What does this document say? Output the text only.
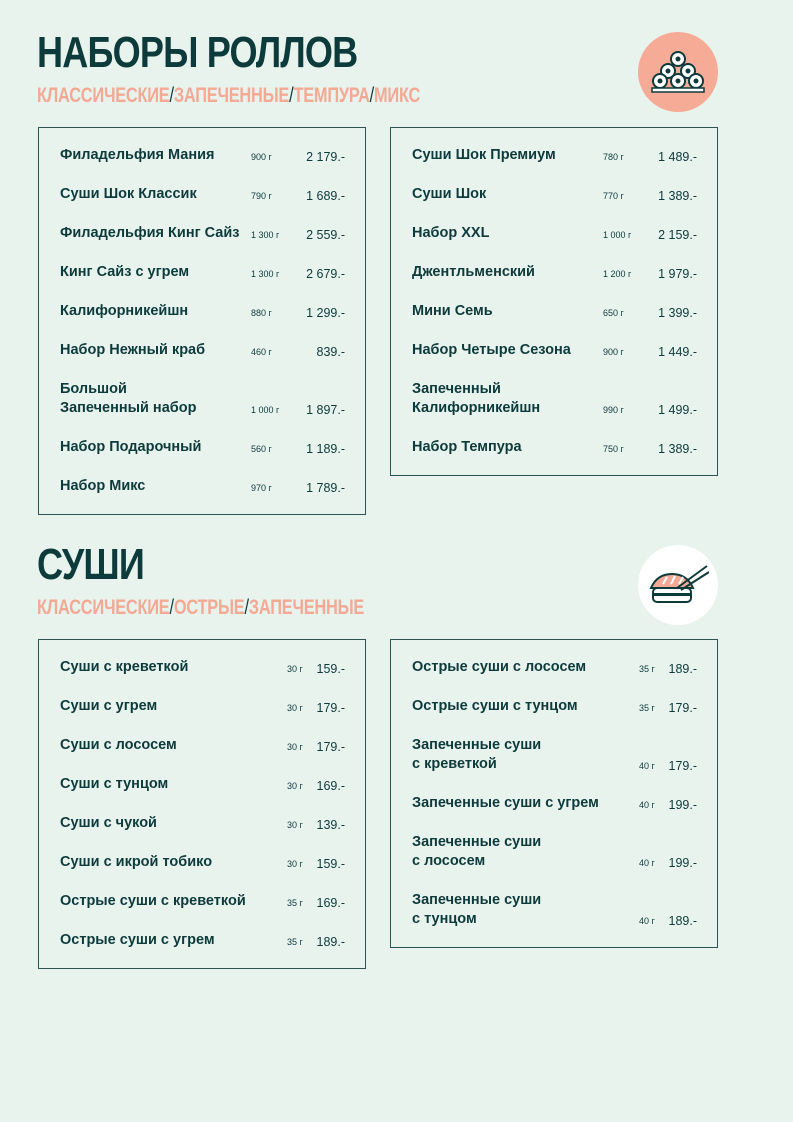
НАБОРЫ РОЛЛОВ
КЛАССИЧЕСКИЕ/ЗАПЕЧЕННЫЕ/ТЕМПУРА/МИКС
Филадельфия Мания	900 г	2 179.-
Суши Шок Классик	790 г	1 689.-
Филадельфия Кинг Сайз	1 300 г	2 559.-
Кинг Сайз с угрем	1 300 г	2 679.-
Калифорникейшн	880 г	1 299.-
Набор Нежный краб	460 г	839.-
Большой
Запеченный набор	1 000 г	1 897.-
Набор Подарочный	560 г	1 189.-
Набор Микс	970 г	1 789.-
Суши Шок Премиум	780 г	1 489.-
Суши Шок	770 г	1 389.-
Набор XXL	1 000 г	2 159.-
Джентльменский	1 200 г	1 979.-
Мини Семь	650 г	1 399.-
Набор Четыре Сезона	900 г	1 449.-
Запеченный
Калифорникейшн	990 г	1 499.-
Набор Темпура	750 г	1 389.-
СУШИ
КЛАССИЧЕСКИЕ/ОСТРЫЕ/ЗАПЕЧЕННЫЕ
Суши с креветкой	30 г	159.-
Суши с угрем	30 г	179.-
Суши с лососем	30 г	179.-
Суши с тунцом	30 г	169.-
Суши с чукой	30 г	139.-
Суши с икрой тобико	30 г	159.-
Острые суши с креветкой	35 г	169.-
Острые суши с угрем	35 г	189.-
Острые суши с лососем	35 г	189.-
Острые суши с тунцом	35 г	179.-
Запеченные суши
с креветкой	40 г	179.-
Запеченные суши с угрем	40 г	199.-
Запеченные суши
с лососем	40 г	199.-
Запеченные суши
с тунцом	40 г	189.-
